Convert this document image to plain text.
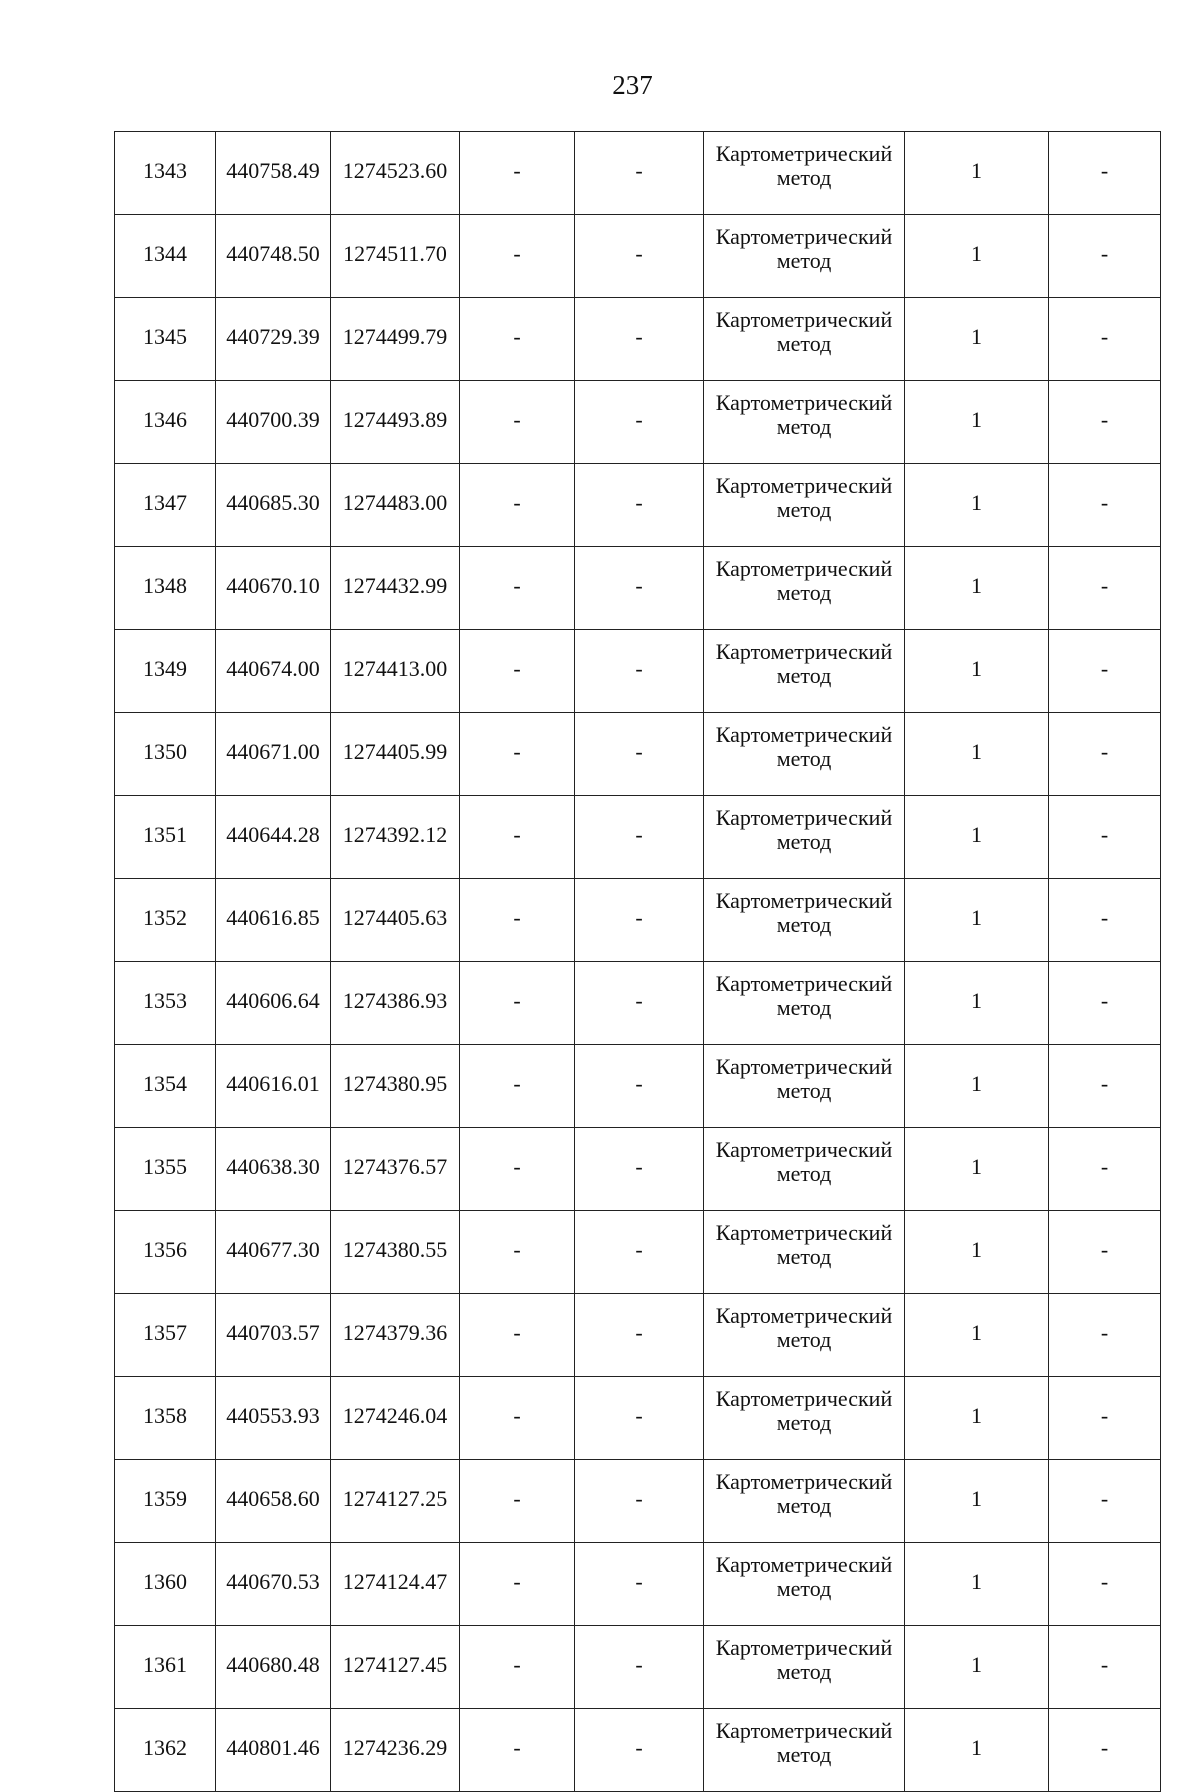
237
1343	440758.49	1274523.60	-	-	Картометрический метод	1	-
1344	440748.50	1274511.70	-	-	Картометрический метод	1	-
1345	440729.39	1274499.79	-	-	Картометрический метод	1	-
1346	440700.39	1274493.89	-	-	Картометрический метод	1	-
1347	440685.30	1274483.00	-	-	Картометрический метод	1	-
1348	440670.10	1274432.99	-	-	Картометрический метод	1	-
1349	440674.00	1274413.00	-	-	Картометрический метод	1	-
1350	440671.00	1274405.99	-	-	Картометрический метод	1	-
1351	440644.28	1274392.12	-	-	Картометрический метод	1	-
1352	440616.85	1274405.63	-	-	Картометрический метод	1	-
1353	440606.64	1274386.93	-	-	Картометрический метод	1	-
1354	440616.01	1274380.95	-	-	Картометрический метод	1	-
1355	440638.30	1274376.57	-	-	Картометрический метод	1	-
1356	440677.30	1274380.55	-	-	Картометрический метод	1	-
1357	440703.57	1274379.36	-	-	Картометрический метод	1	-
1358	440553.93	1274246.04	-	-	Картометрический метод	1	-
1359	440658.60	1274127.25	-	-	Картометрический метод	1	-
1360	440670.53	1274124.47	-	-	Картометрический метод	1	-
1361	440680.48	1274127.45	-	-	Картометрический метод	1	-
1362	440801.46	1274236.29	-	-	Картометрический метод	1	-
